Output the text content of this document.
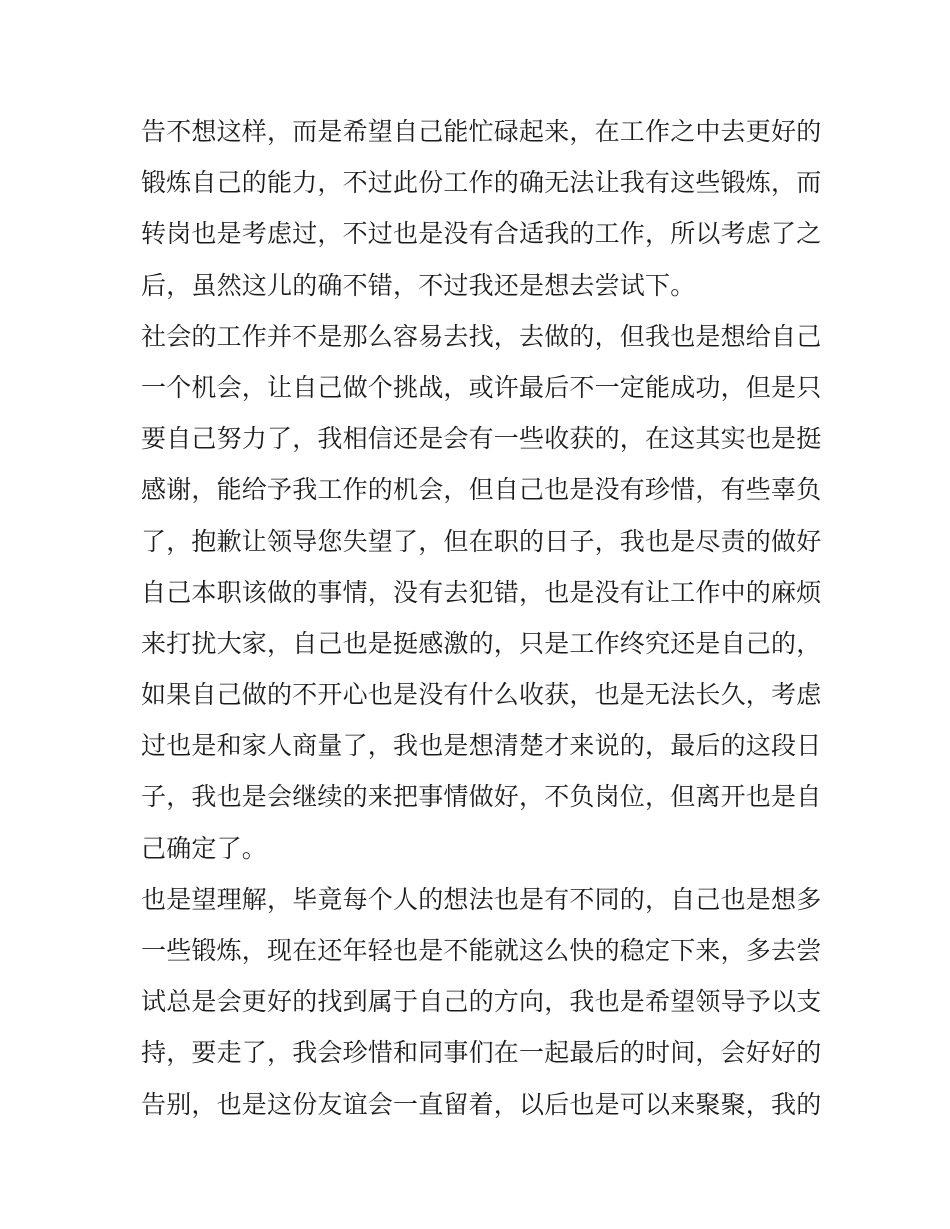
告不想这样，而是希望自己能忙碌起来，在工作之中去更好的
锻炼自己的能力，不过此份工作的确无法让我有这些锻炼，而
转岗也是考虑过，不过也是没有合适我的工作，所以考虑了之
后，虽然这儿的确不错，不过我还是想去尝试下。
社会的工作并不是那么容易去找，去做的，但我也是想给自己
一个机会，让自己做个挑战，或许最后不一定能成功，但是只
要自己努力了，我相信还是会有一些收获的，在这其实也是挺
感谢，能给予我工作的机会，但自己也是没有珍惜，有些辜负
了，抱歉让领导您失望了，但在职的日子，我也是尽责的做好
自己本职该做的事情，没有去犯错，也是没有让工作中的麻烦
来打扰大家，自己也是挺感激的，只是工作终究还是自己的，
如果自己做的不开心也是没有什么收获，也是无法长久，考虑
过也是和家人商量了，我也是想清楚才来说的，最后的这段日
子，我也是会继续的来把事情做好，不负岗位，但离开也是自
己确定了。
也是望理解，毕竟每个人的想法也是有不同的，自己也是想多
一些锻炼，现在还年轻也是不能就这么快的稳定下来，多去尝
试总是会更好的找到属于自己的方向，我也是希望领导予以支
持，要走了，我会珍惜和同事们在一起最后的时间，会好好的
告别，也是这份友谊会一直留着，以后也是可以来聚聚，我的
